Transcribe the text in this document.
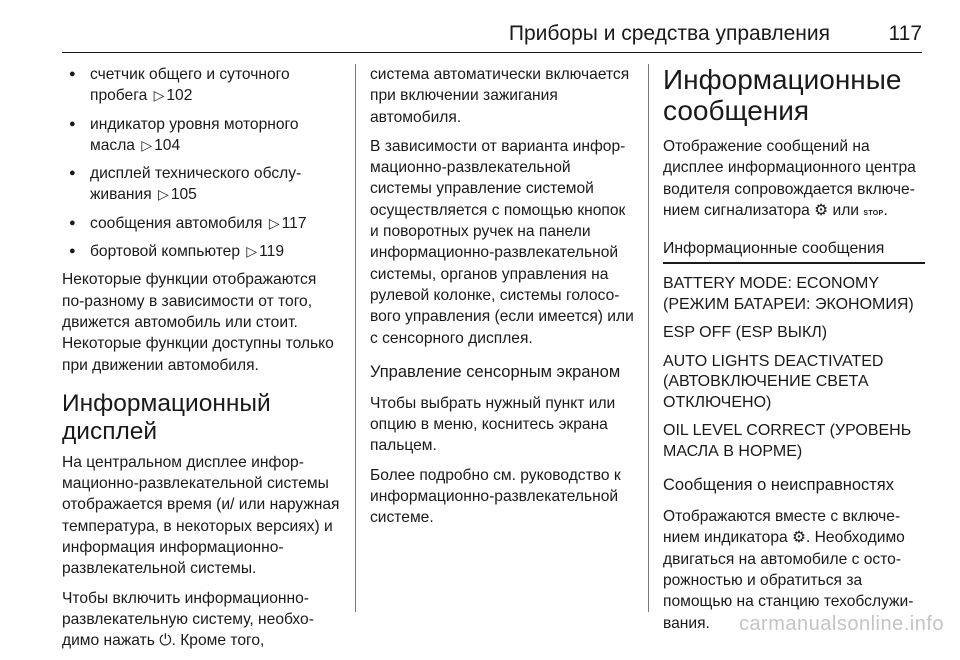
Приборы и средства управления	117
● счетчик общего и суточного пробега ▷ 102
● индикатор уровня моторного масла ▷ 104
● дисплей технического обслуживания ▷ 105
● сообщения автомобиля ▷ 117
● бортовой компьютер ▷ 119

Некоторые функции отображаются по-разному в зависимости от того, движется автомобиль или стоит. Некоторые функции доступны только при движении автомобиля.

Информационный дисплей

На центральном дисплее информационно-развлекательной системы отображается время (и/ или наружная температура, в некоторых версиях) и информация информационно-развлекательной системы.

Чтобы включить информационно-развлекательную систему, необходимо нажать ⏻. Кроме того,

система автоматически включается при включении зажигания автомобиля.

В зависимости от варианта информационно-развлекательной системы управление системой осуществляется с помощью кнопок и поворотных ручек на панели информационно-развлекательной системы, органов управления на рулевой колонке, системы голосового управления (если имеется) или с сенсорного дисплея.

Управление сенсорным экраном

Чтобы выбрать нужный пункт или опцию в меню, коснитесь экрана пальцем.

Более подробно см. руководство к информационно-развлекательной системе.

Информационные сообщения

Отображение сообщений на дисплее информационного центра водителя сопровождается включением сигнализатора ⚙ или STOP.

Информационные сообщения

BATTERY MODE: ECONOMY (РЕЖИМ БАТАРЕИ: ЭКОНОМИЯ)

ESP OFF (ESP ВЫКЛ)

AUTO LIGHTS DEACTIVATED (АВТОВКЛЮЧЕНИЕ СВЕТА ОТКЛЮЧЕНО)

OIL LEVEL CORRECT (УРОВЕНЬ МАСЛА В НОРМЕ)

Сообщения о неисправностях

Отображаются вместе с включением индикатора ⚙. Необходимо двигаться на автомобиле с осторожностью и обратиться за помощью на станцию техобслуживания.	carmanualsonline.info
